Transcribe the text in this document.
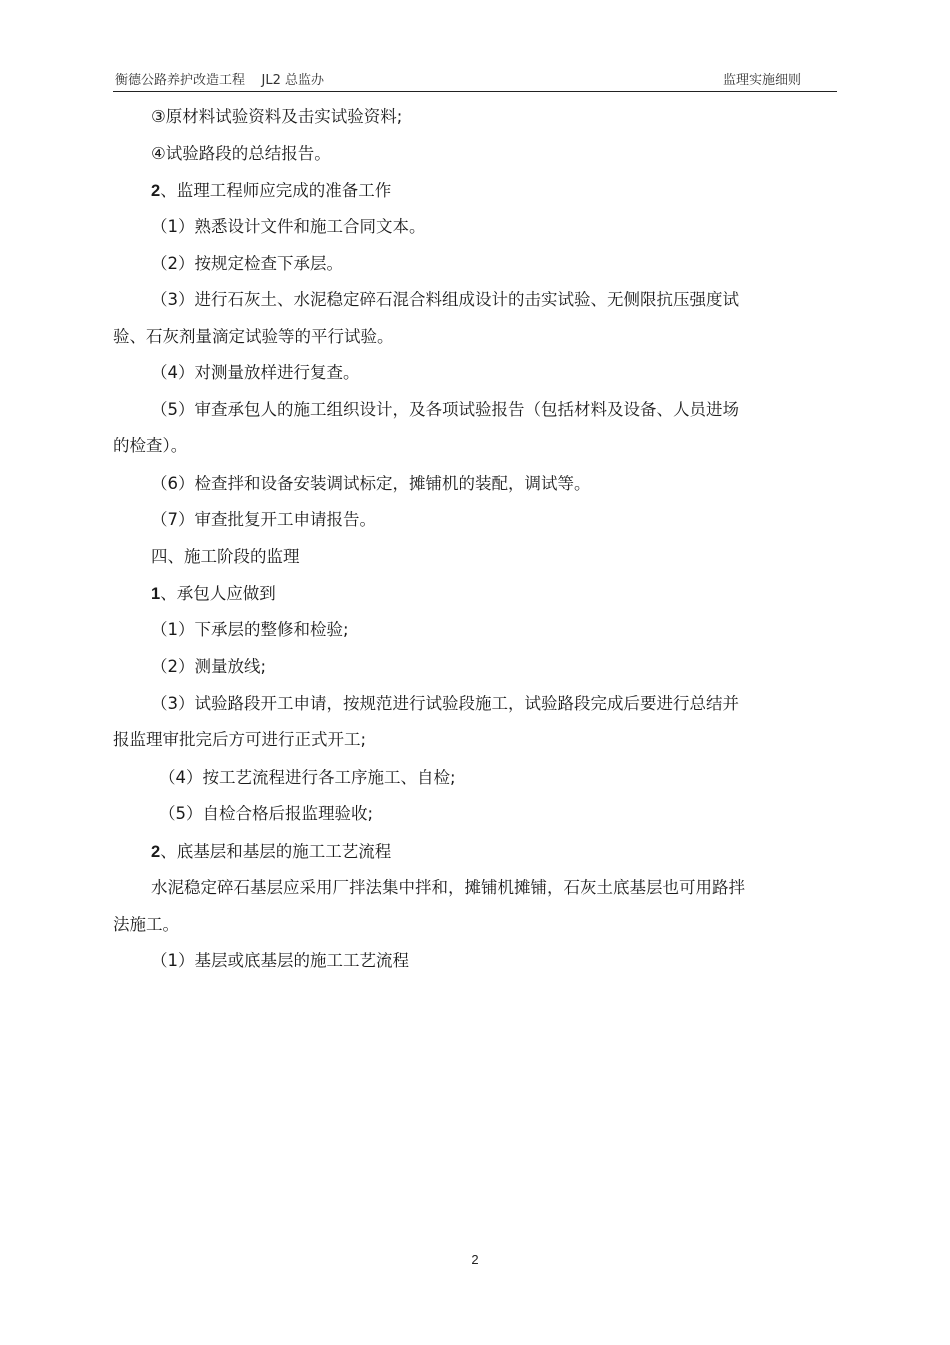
衡德公路养护改造工程    JL2 总监办	监理实施细则
③原材料试验资料及击实试验资料;
④试验路段的总结报告。
2、监理工程师应完成的准备工作
（1）熟悉设计文件和施工合同文本。
（2）按规定检查下承层。
（3）进行石灰土、水泥稳定碎石混合料组成设计的击实试验、无侧限抗压强度试
验、石灰剂量滴定试验等的平行试验。
（4）对测量放样进行复查。
（5）审查承包人的施工组织设计，及各项试验报告（包括材料及设备、人员进场
的检查）。
（6）检查拌和设备安装调试标定，摊铺机的装配，调试等。
（7）审查批复开工申请报告。
四、施工阶段的监理
1、承包人应做到
（1）下承层的整修和检验;
（2）测量放线;
（3）试验路段开工申请，按规范进行试验段施工，试验路段完成后要进行总结并
报监理审批完后方可进行正式开工;
（4）按工艺流程进行各工序施工、自检;
（5）自检合格后报监理验收;
2、底基层和基层的施工工艺流程
水泥稳定碎石基层应采用厂拌法集中拌和，摊铺机摊铺，石灰土底基层也可用路拌
法施工。
（1）基层或底基层的施工工艺流程
2
